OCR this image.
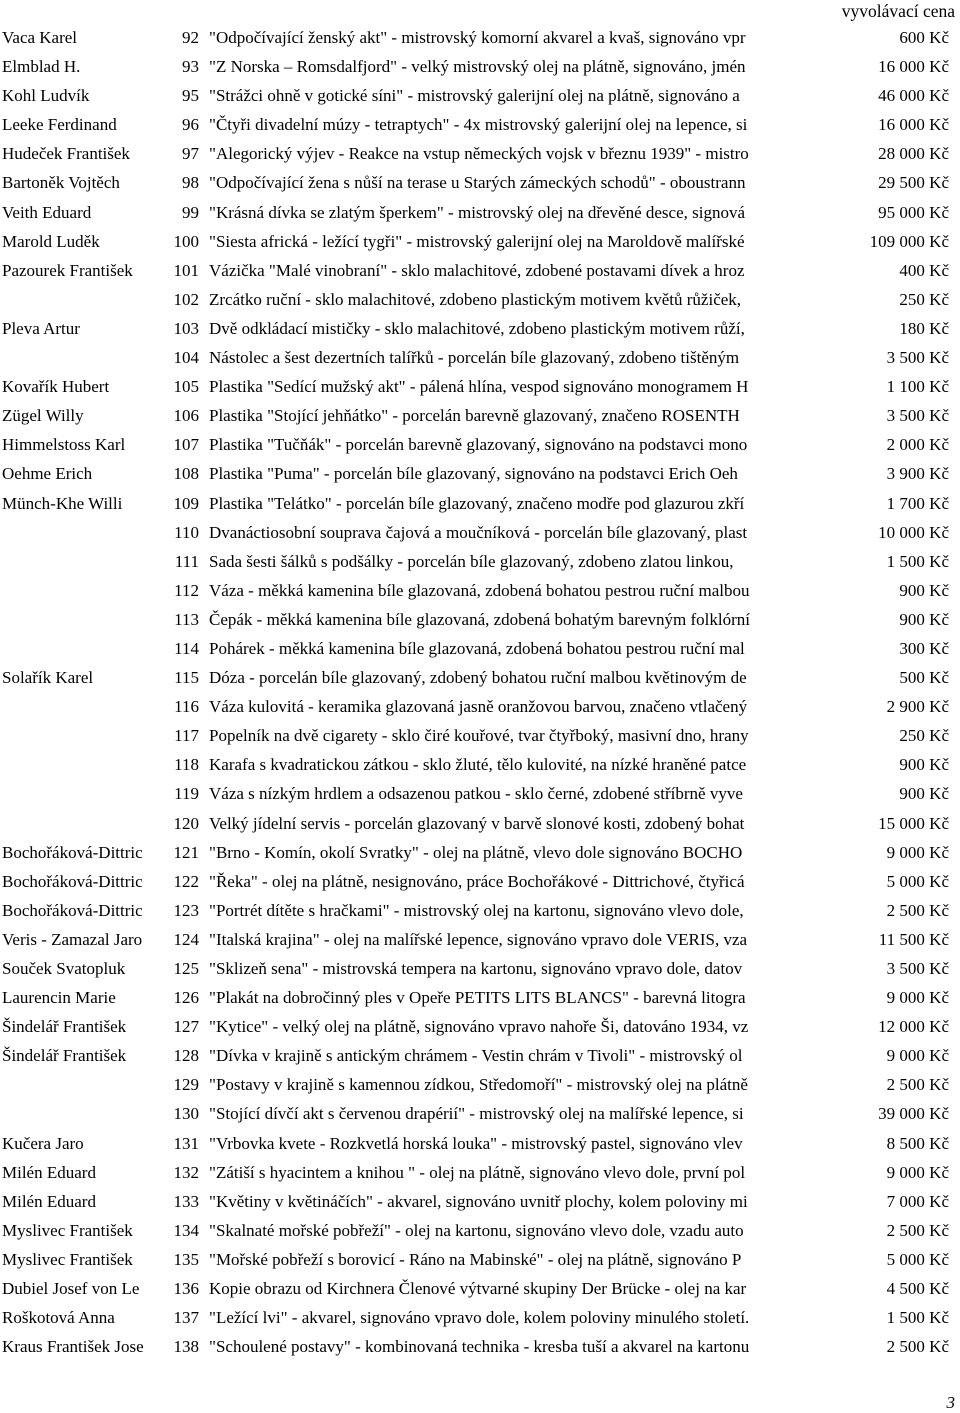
vyvolávací cena
Vaca Karel	92 "Odpočívající ženský akt" - mistrovský komorní akvarel a kvaš, signováno vpr	600 Kč
Elmblad H.	93 "Z Norska – Romsdalfjord" - velký mistrovský olej na plátně, signováno, jmén	16 000 Kč
Kohl Ludvík	95 "Strážci ohně v gotické síni" - mistrovský galerijní olej na plátně, signováno a	46 000 Kč
Leeke Ferdinand	96 "Čtyři divadelní múzy - tetraptych" - 4x mistrovský galerijní olej na lepence, si	16 000 Kč
Hudeček František	97 "Alegorický výjev - Reakce na vstup německých vojsk v březnu 1939" - mistro	28 000 Kč
Bartoněk Vojtěch	98 "Odpočívající žena s nůší na terase u Starých zámeckých schodů" - oboustrann	29 500 Kč
Veith Eduard	99 "Krásná dívka se zlatým šperkem" - mistrovský olej na dřevěné desce, signová	95 000 Kč
Marold Luděk	100 "Siesta africká - ležící tygři" - mistrovský galerijní olej na Maroldově malířské	109 000 Kč
Pazourek František	101 Vázička "Malé vinobraní" - sklo malachitové, zdobené postavami dívek a hroz	400 Kč
102 Zrcátko ruční - sklo malachitové, zdobeno plastickým motivem květů růžiček,	250 Kč
Pleva Artur	103 Dvě odkládací mističky - sklo malachitové, zdobeno plastickým motivem růží,	180 Kč
104 Nástolec a šest dezertních talířků - porcelán bíle glazovaný, zdobeno tištěným	3 500 Kč
Kovařík Hubert	105 Plastika "Sedící mužský akt" - pálená hlína, vespod signováno monogramem H	1 100 Kč
Zügel Willy	106 Plastika "Stojící jehňátko" - porcelán barevně glazovaný, značeno ROSENTH	3 500 Kč
Himmelstoss Karl	107 Plastika "Tučňák" - porcelán barevně glazovaný, signováno na podstavci mono	2 000 Kč
Oehme Erich	108 Plastika "Puma" - porcelán bíle glazovaný, signováno na podstavci Erich Oeh	3 900 Kč
Münch-Khe Willi	109 Plastika "Telátko" - porcelán bíle glazovaný, značeno modře pod glazurou zkří	1 700 Kč
110 Dvanáctiosobní souprava čajová a moučníková - porcelán bíle glazovaný, plast	10 000 Kč
111 Sada šesti šálků s podšálky - porcelán bíle glazovaný, zdobeno zlatou linkou,	1 500 Kč
112 Váza - měkká kamenina bíle glazovaná, zdobená bohatou pestrou ruční malbou	900 Kč
113 Čepák - měkká kamenina bíle glazovaná, zdobená bohatým barevným folklórní	900 Kč
114 Pohárek - měkká kamenina bíle glazovaná, zdobená bohatou pestrou ruční mal	300 Kč
Solařík Karel	115 Dóza - porcelán bíle glazovaný, zdobený bohatou ruční malbou květinovým de	500 Kč
116 Váza kulovitá - keramika glazovaná jasně oranžovou barvou, značeno vtlačený	2 900 Kč
117 Popelník na dvě cigarety - sklo čiré kouřové, tvar čtyřboký, masivní dno, hrany	250 Kč
118 Karafa s kvadratickou zátkou - sklo žluté, tělo kulovité, na nízké hraněné patce	900 Kč
119 Váza s nízkým hrdlem a odsazenou patkou - sklo černé, zdobené stříbrně vyve	900 Kč
120 Velký jídelní servis - porcelán glazovaný v barvě slonové kosti, zdobený bohat	15 000 Kč
Bochořáková-Dittric	121 "Brno - Komín, okolí Svratky" - olej na plátně, vlevo dole signováno BOCHO	9 000 Kč
Bochořáková-Dittric	122 "Řeka" - olej na plátně, nesignováno, práce Bochořákové - Dittrichové, čtyřicá	5 000 Kč
Bochořáková-Dittric	123 "Portrét dítěte s hračkami" - mistrovský olej na kartonu, signováno vlevo dole,	2 500 Kč
Veris - Zamazal Jaro	124 "Italská krajina" - olej na malířské lepence, signováno vpravo dole VERIS, vza	11 500 Kč
Souček Svatopluk	125 "Sklizeň sena" - mistrovská tempera na kartonu, signováno vpravo dole, datov	3 500 Kč
Laurencin Marie	126 "Plakát na dobročinný ples v Opeře PETITS LITS BLANCS" - barevná litogra	9 000 Kč
Šindelář František	127 "Kytice" - velký olej na plátně, signováno vpravo nahoře Ši, datováno 1934, vz	12 000 Kč
Šindelář František	128 "Dívka v krajině s antickým chrámem - Vestin chrám v Tivoli" - mistrovský ol	9 000 Kč
129 "Postavy v krajině s kamennou zídkou, Středomoří" - mistrovský olej na plátně	2 500 Kč
130 "Stojící dívčí akt s červenou drapérií" - mistrovský olej na malířské lepence, si	39 000 Kč
Kučera Jaro	131 "Vrbovka kvete - Rozkvetlá horská louka" - mistrovský pastel, signováno vlev	8 500 Kč
Milén Eduard	132 "Zátiší s hyacintem a knihou " - olej na plátně, signováno vlevo dole, první pol	9 000 Kč
Milén Eduard	133 "Květiny v květináčích" - akvarel, signováno uvnitř plochy, kolem poloviny mi	7 000 Kč
Myslivec František	134 "Skalnaté mořské pobřeží" - olej na kartonu, signováno vlevo dole, vzadu auto	2 500 Kč
Myslivec František	135 "Mořské pobřeží s borovicí - Ráno na Mabinské" - olej na plátně, signováno P	5 000 Kč
Dubiel Josef von Le	136 Kopie obrazu od Kirchnera Členové výtvarné skupiny Der Brücke - olej na kar	4 500 Kč
Roškotová Anna	137 "Ležící lvi" - akvarel, signováno vpravo dole, kolem poloviny minulého století.	1 500 Kč
Kraus František Jose	138 "Schoulené postavy" - kombinovaná technika - kresba tuší a akvarel na kartonu	2 500 Kč
3
